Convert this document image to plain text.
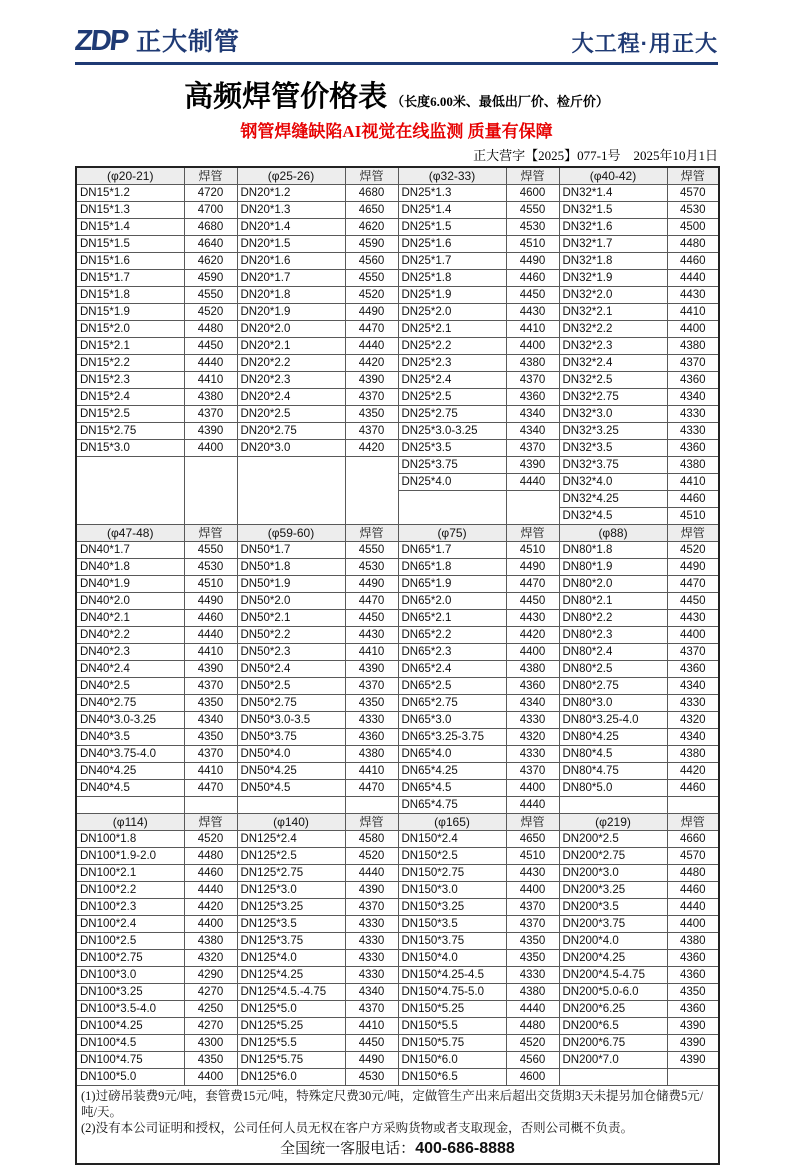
ZDP 正大制管	大工程·用正大
高频焊管价格表 （长度6.00米、最低出厂价、检斤价）
钢管焊缝缺陷AI视觉在线监测 质量有保障
正大营字【2025】077-1号　2025年10月1日
(φ20-21)	焊管	(φ25-26)	焊管	(φ32-33)	焊管	(φ40-42)	焊管
DN15*1.2	4720	DN20*1.2	4680	DN25*1.3	4600	DN32*1.4	4570
DN15*1.3	4700	DN20*1.3	4650	DN25*1.4	4550	DN32*1.5	4530
DN15*1.4	4680	DN20*1.4	4620	DN25*1.5	4530	DN32*1.6	4500
DN15*1.5	4640	DN20*1.5	4590	DN25*1.6	4510	DN32*1.7	4480
DN15*1.6	4620	DN20*1.6	4560	DN25*1.7	4490	DN32*1.8	4460
DN15*1.7	4590	DN20*1.7	4550	DN25*1.8	4460	DN32*1.9	4440
DN15*1.8	4550	DN20*1.8	4520	DN25*1.9	4450	DN32*2.0	4430
DN15*1.9	4520	DN20*1.9	4490	DN25*2.0	4430	DN32*2.1	4410
DN15*2.0	4480	DN20*2.0	4470	DN25*2.1	4410	DN32*2.2	4400
DN15*2.1	4450	DN20*2.1	4440	DN25*2.2	4400	DN32*2.3	4380
DN15*2.2	4440	DN20*2.2	4420	DN25*2.3	4380	DN32*2.4	4370
DN15*2.3	4410	DN20*2.3	4390	DN25*2.4	4370	DN32*2.5	4360
DN15*2.4	4380	DN20*2.4	4370	DN25*2.5	4360	DN32*2.75	4340
DN15*2.5	4370	DN20*2.5	4350	DN25*2.75	4340	DN32*3.0	4330
DN15*2.75	4390	DN20*2.75	4370	DN25*3.0-3.25	4340	DN32*3.25	4330
DN15*3.0	4400	DN20*3.0	4420	DN25*3.5	4370	DN32*3.5	4360
				DN25*3.75	4390	DN32*3.75	4380
				DN25*4.0	4440	DN32*4.0	4410
						DN32*4.25	4460
						DN32*4.5	4510
(φ47-48)	焊管	(φ59-60)	焊管	(φ75)	焊管	(φ88)	焊管
DN40*1.7	4550	DN50*1.7	4550	DN65*1.7	4510	DN80*1.8	4520
DN40*1.8	4530	DN50*1.8	4530	DN65*1.8	4490	DN80*1.9	4490
DN40*1.9	4510	DN50*1.9	4490	DN65*1.9	4470	DN80*2.0	4470
DN40*2.0	4490	DN50*2.0	4470	DN65*2.0	4450	DN80*2.1	4450
DN40*2.1	4460	DN50*2.1	4450	DN65*2.1	4430	DN80*2.2	4430
DN40*2.2	4440	DN50*2.2	4430	DN65*2.2	4420	DN80*2.3	4400
DN40*2.3	4410	DN50*2.3	4410	DN65*2.3	4400	DN80*2.4	4370
DN40*2.4	4390	DN50*2.4	4390	DN65*2.4	4380	DN80*2.5	4360
DN40*2.5	4370	DN50*2.5	4370	DN65*2.5	4360	DN80*2.75	4340
DN40*2.75	4350	DN50*2.75	4350	DN65*2.75	4340	DN80*3.0	4330
DN40*3.0-3.25	4340	DN50*3.0-3.5	4330	DN65*3.0	4330	DN80*3.25-4.0	4320
DN40*3.5	4350	DN50*3.75	4360	DN65*3.25-3.75	4320	DN80*4.25	4340
DN40*3.75-4.0	4370	DN50*4.0	4380	DN65*4.0	4330	DN80*4.5	4380
DN40*4.25	4410	DN50*4.25	4410	DN65*4.25	4370	DN80*4.75	4420
DN40*4.5	4470	DN50*4.5	4470	DN65*4.5	4400	DN80*5.0	4460
				DN65*4.75	4440		
(φ114)	焊管	(φ140)	焊管	(φ165)	焊管	(φ219)	焊管
DN100*1.8	4520	DN125*2.4	4580	DN150*2.4	4650	DN200*2.5	4660
DN100*1.9-2.0	4480	DN125*2.5	4520	DN150*2.5	4510	DN200*2.75	4570
DN100*2.1	4460	DN125*2.75	4440	DN150*2.75	4430	DN200*3.0	4480
DN100*2.2	4440	DN125*3.0	4390	DN150*3.0	4400	DN200*3.25	4460
DN100*2.3	4420	DN125*3.25	4370	DN150*3.25	4370	DN200*3.5	4440
DN100*2.4	4400	DN125*3.5	4330	DN150*3.5	4370	DN200*3.75	4400
DN100*2.5	4380	DN125*3.75	4330	DN150*3.75	4350	DN200*4.0	4380
DN100*2.75	4320	DN125*4.0	4330	DN150*4.0	4350	DN200*4.25	4360
DN100*3.0	4290	DN125*4.25	4330	DN150*4.25-4.5	4330	DN200*4.5-4.75	4360
DN100*3.25	4270	DN125*4.5.-4.75	4340	DN150*4.75-5.0	4380	DN200*5.0-6.0	4350
DN100*3.5-4.0	4250	DN125*5.0	4370	DN150*5.25	4440	DN200*6.25	4360
DN100*4.25	4270	DN125*5.25	4410	DN150*5.5	4480	DN200*6.5	4390
DN100*4.5	4300	DN125*5.5	4450	DN150*5.75	4520	DN200*6.75	4390
DN100*4.75	4350	DN125*5.75	4490	DN150*6.0	4560	DN200*7.0	4390
DN100*5.0	4400	DN125*6.0	4530	DN150*6.5	4600		

(1)过磅吊装费9元/吨，套管费15元/吨，特殊定尺费30元/吨，定做管生产出来后超出交货期3天未提另加仓储费5元/吨/天。
(2)没有本公司证明和授权，公司任何人员无权在客户方采购货物或者支取现金，否则公司概不负责。
全国统一客服电话：400-686-8888							
